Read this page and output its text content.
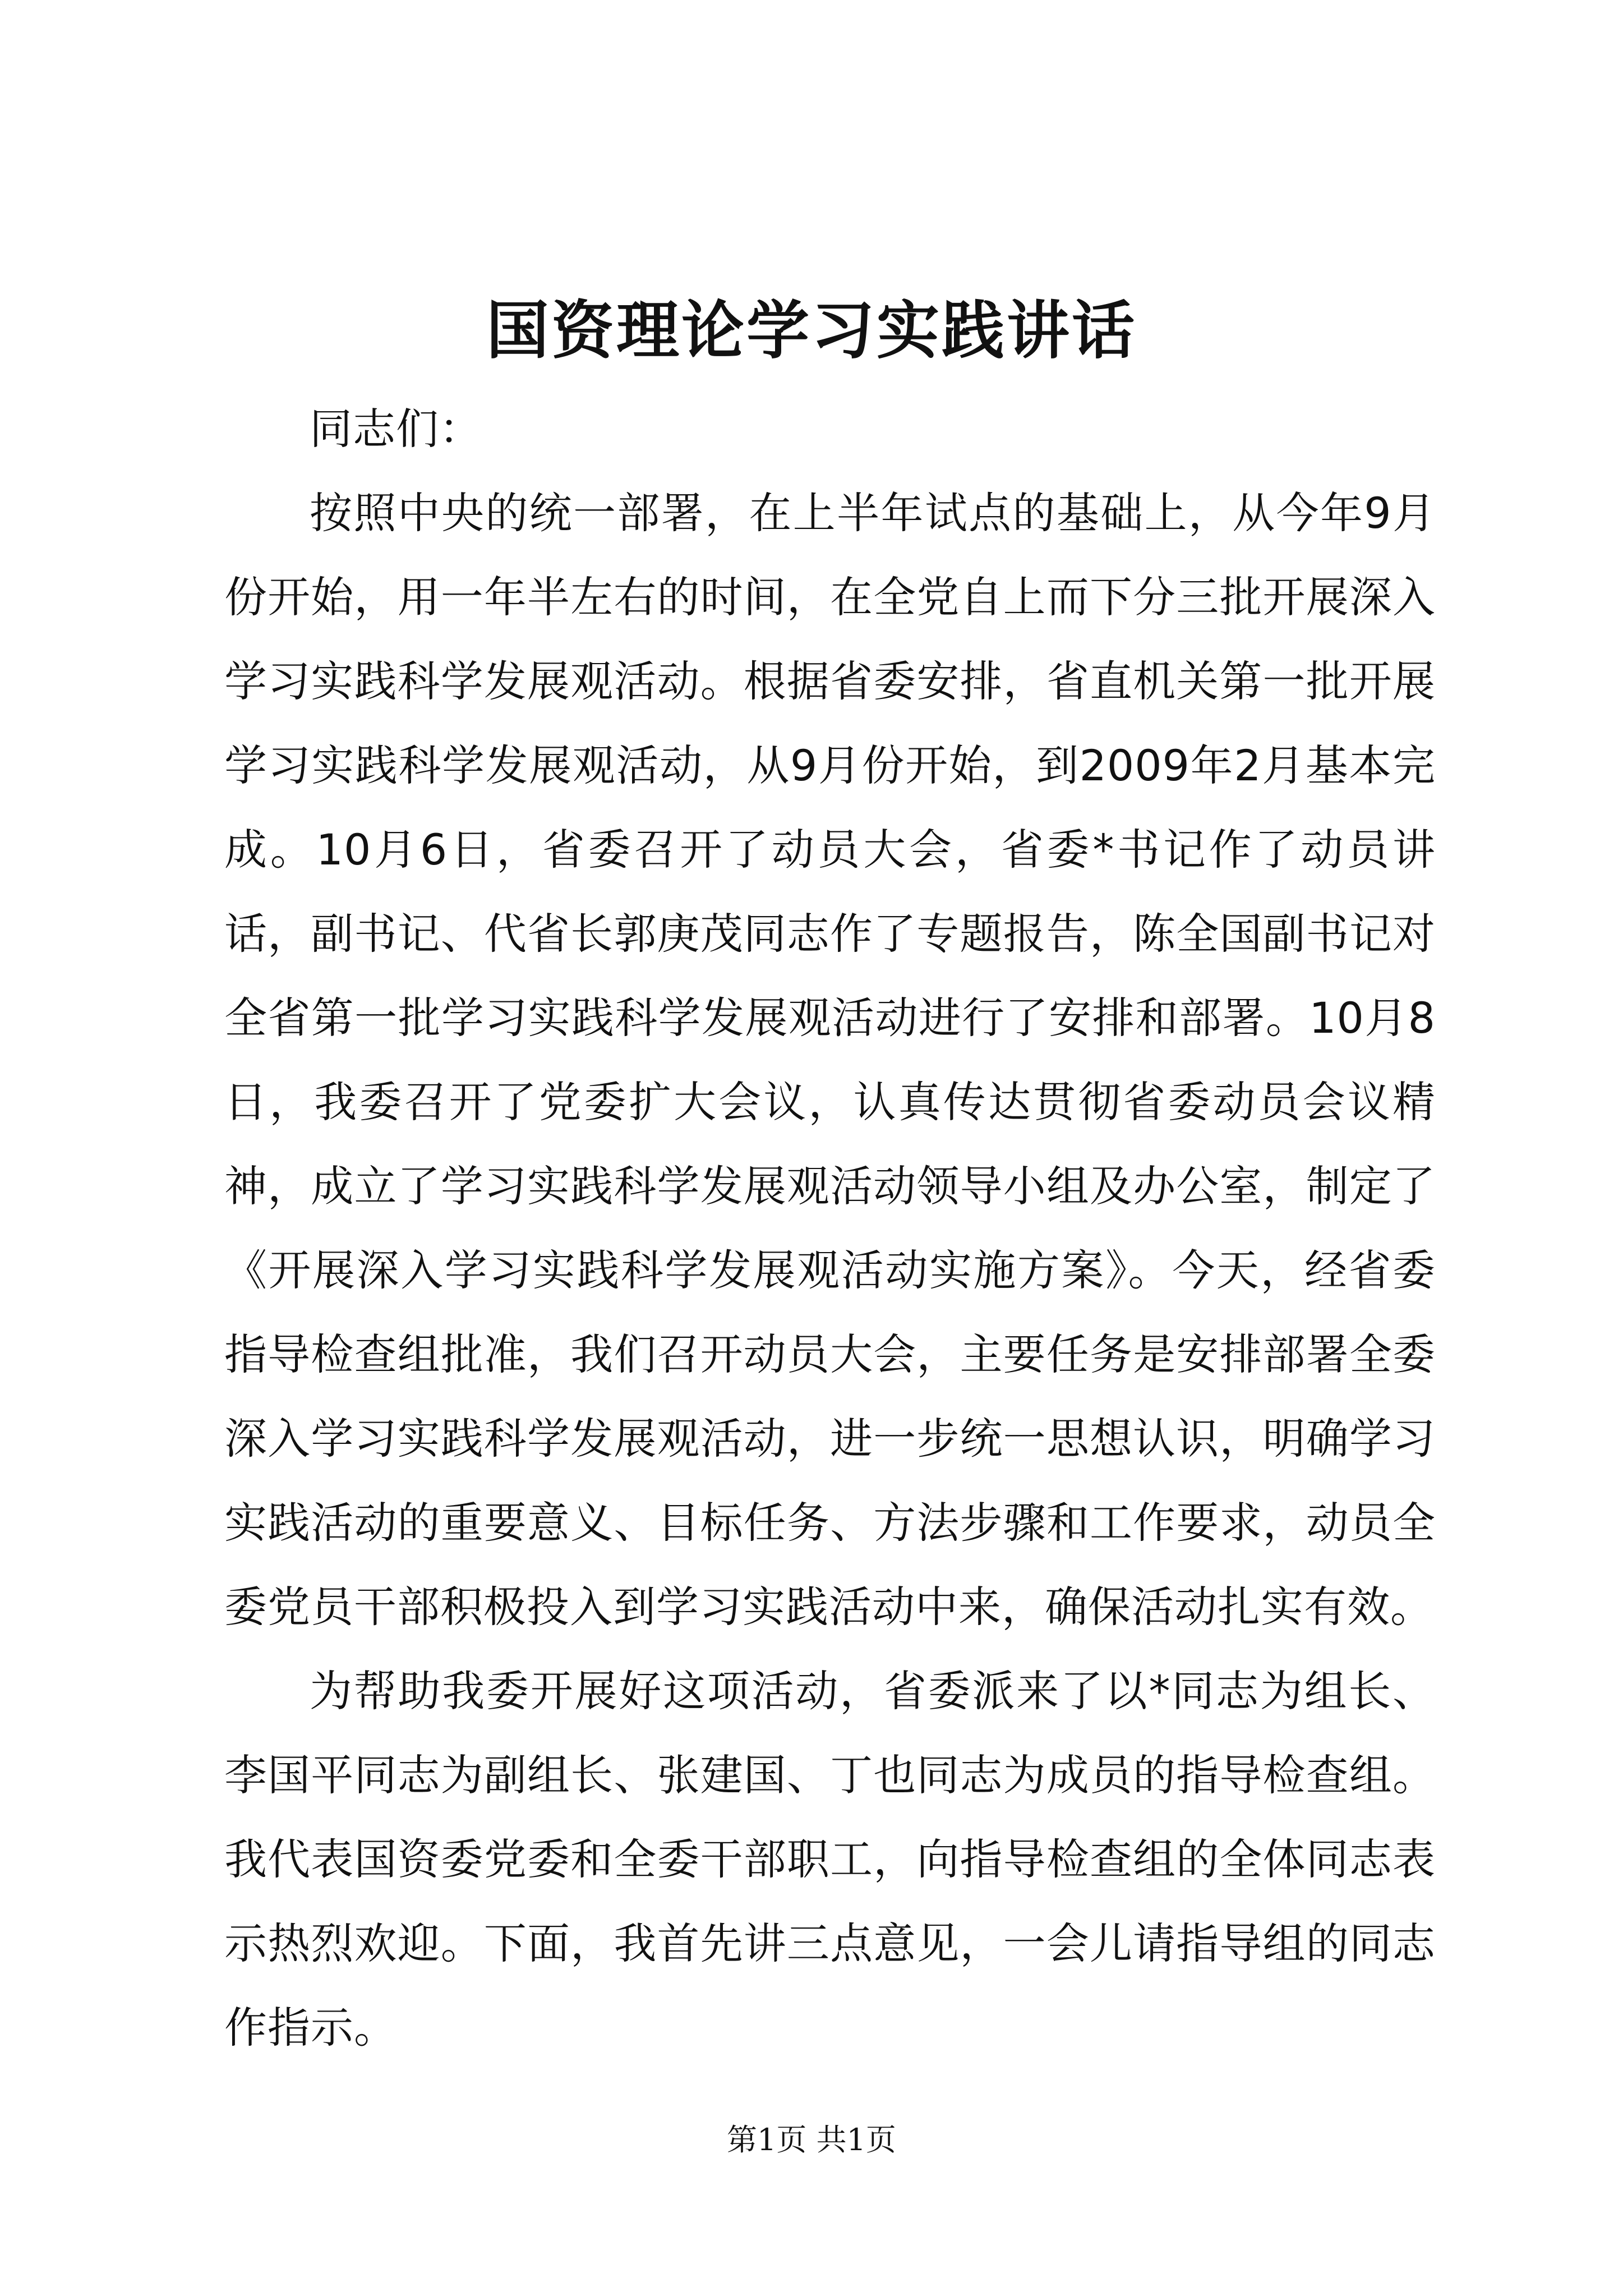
国资理论学习实践讲话

同志们：

按照中央的统一部署，在上半年试点的基础上，从今年9月份开始，用一年半左右的时间，在全党自上而下分三批开展深入学习实践科学发展观活动。根据省委安排，省直机关第一批开展学习实践科学发展观活动，从9月份开始，到2009年2月基本完成。10月6日，省委召开了动员大会，省委*书记作了动员讲话，副书记、代省长郭庚茂同志作了专题报告，陈全国副书记对全省第一批学习实践科学发展观活动进行了安排和部署。10月8日，我委召开了党委扩大会议，认真传达贯彻省委动员会议精神，成立了学习实践科学发展观活动领导小组及办公室，制定了《开展深入学习实践科学发展观活动实施方案》。今天，经省委指导检查组批准，我们召开动员大会，主要任务是安排部署全委深入学习实践科学发展观活动，进一步统一思想认识，明确学习实践活动的重要意义、目标任务、方法步骤和工作要求，动员全委党员干部积极投入到学习实践活动中来，确保活动扎实有效。

为帮助我委开展好这项活动，省委派来了以*同志为组长、李国平同志为副组长、张建国、丁也同志为成员的指导检查组。我代表国资委党委和全委干部职工，向指导检查组的全体同志表示热烈欢迎。下面，我首先讲三点意见，一会儿请指导组的同志作指示。

第1页 共1页
